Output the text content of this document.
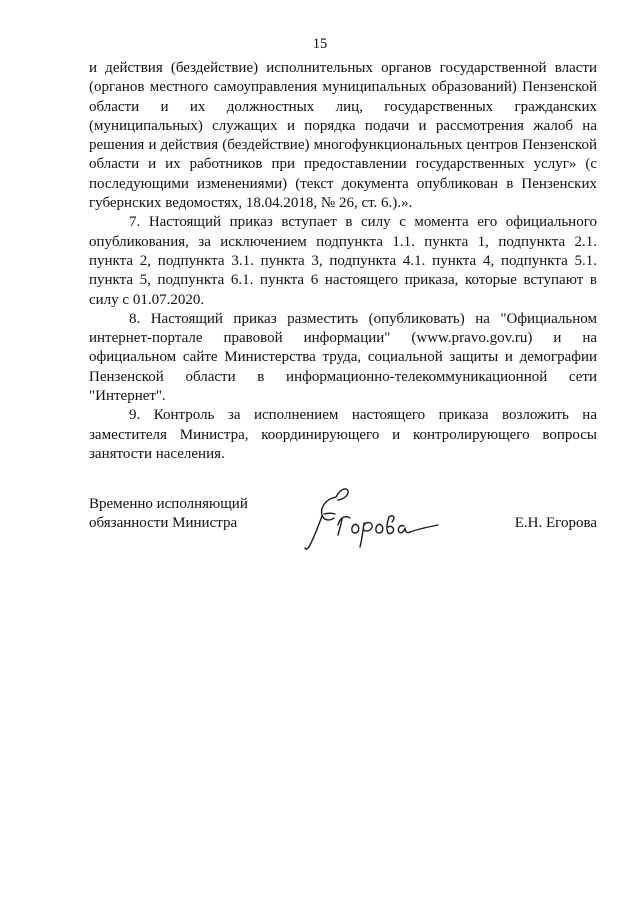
15

и действия (бездействие) исполнительных органов государственной власти (органов местного самоуправления муниципальных образований) Пензенской области и их должностных лиц, государственных гражданских (муниципальных) служащих и порядка подачи и рассмотрения жалоб на решения и действия (бездействие) многофункциональных центров Пензенской области и их работников при предоставлении государственных услуг» (с последующими изменениями) (текст документа опубликован в Пензенских губернских ведомостях, 18.04.2018, № 26, ст. 6.).».

7. Настоящий приказ вступает в силу с момента его официального опубликования, за исключением подпункта 1.1. пункта 1, подпункта 2.1. пункта 2, подпункта 3.1. пункта 3, подпункта 4.1. пункта 4, подпункта 5.1. пункта 5, подпункта 6.1. пункта 6 настоящего приказа, которые вступают в силу с 01.07.2020.

8. Настоящий приказ разместить (опубликовать) на "Официальном интернет-портале правовой информации" (www.pravo.gov.ru) и на официальном сайте Министерства труда, социальной защиты и демографии Пензенской области в информационно-телекоммуникационной сети "Интернет".

9. Контроль за исполнением настоящего приказа возложить на заместителя Министра, координирующего и контролирующего вопросы занятости населения.

Временно исполняющий
обязанности Министра	Е.Н. Егорова
